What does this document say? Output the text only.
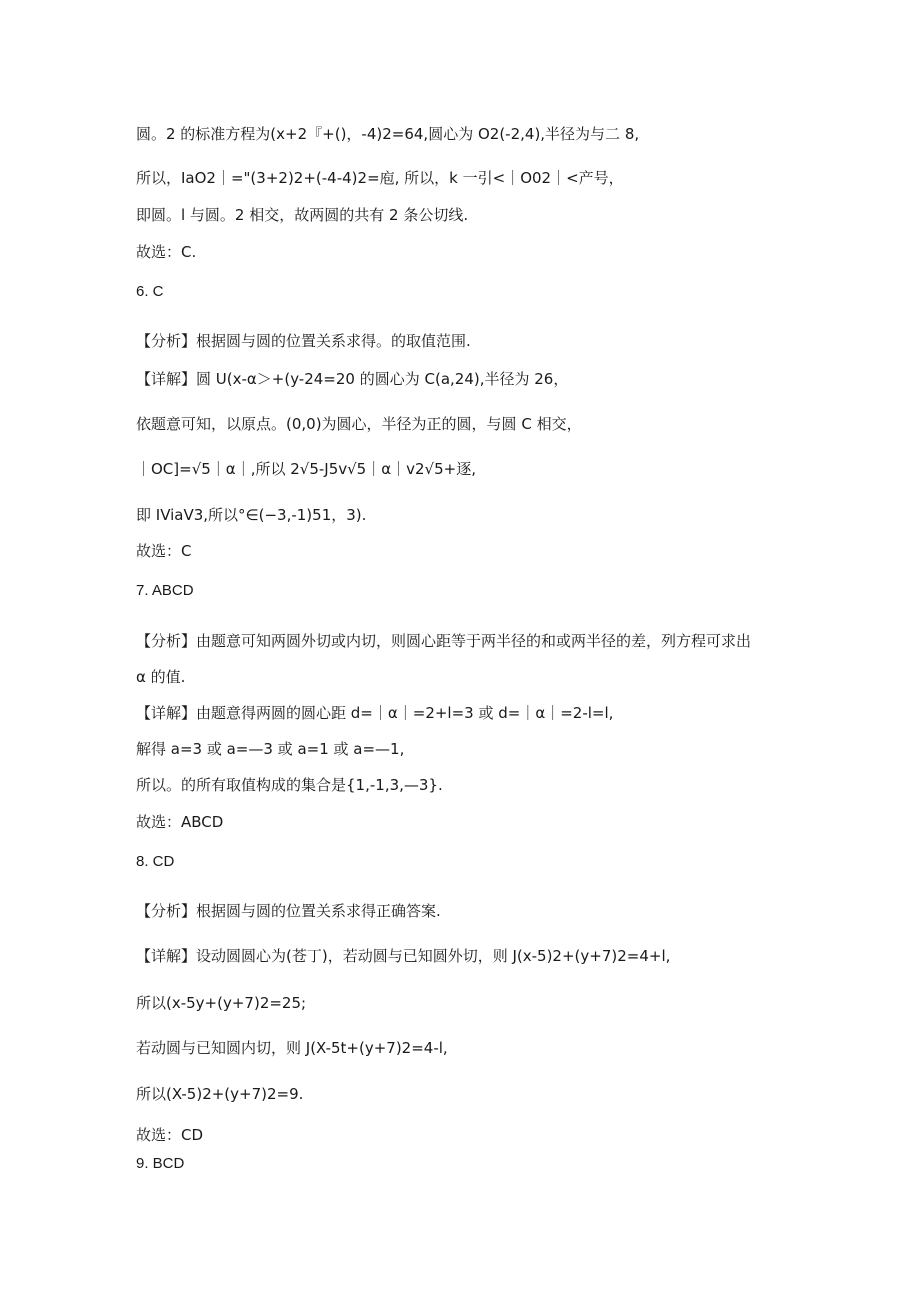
圆。2 的标准方程为(x+2『+()，-4)2=64,圆心为 O2(-2,4),半径为与二 8,
所以，IaO2｜="(3+2)2+(-4-4)2=庖, 所以，k 一引<｜O02｜<产号，
即圆。l 与圆。2 相交，故两圆的共有 2 条公切线.
故选：C.
6. C
【分析】根据圆与圆的位置关系求得。的取值范围.
【详解】圆 U(x-α＞+(y-24=20 的圆心为 C(a,24),半径为 26，
依题意可知，以原点。(0,0)为圆心，半径为正的圆，与圆 C 相交，
｜OC]=√5｜α｜,所以 2√5-J5v√5｜α｜v2√5+逐,
即 IViaV3,所以°∈(−3,-1)51，3).
故选：C
7. ABCD
【分析】由题意可知两圆外切或内切，则圆心距等于两半径的和或两半径的差，列方程可求出
α 的值.
【详解】由题意得两圆的圆心距 d=｜α｜=2+l=3 或 d=｜α｜=2-l=l,
解得 a=3 或 a=—3 或 a=1 或 a=—1,
所以。的所有取值构成的集合是{1,-1,3,—3}.
故选：ABCD
8. CD
【分析】根据圆与圆的位置关系求得正确答案.
【详解】设动圆圆心为(苍丁)，若动圆与已知圆外切，则 J(x-5)2+(y+7)2=4+l,
所以(x-5y+(y+7)2=25;
若动圆与已知圆内切，则 J(X-5t+(y+7)2=4-l,
所以(X-5)2+(y+7)2=9.
故选：CD
9. BCD
